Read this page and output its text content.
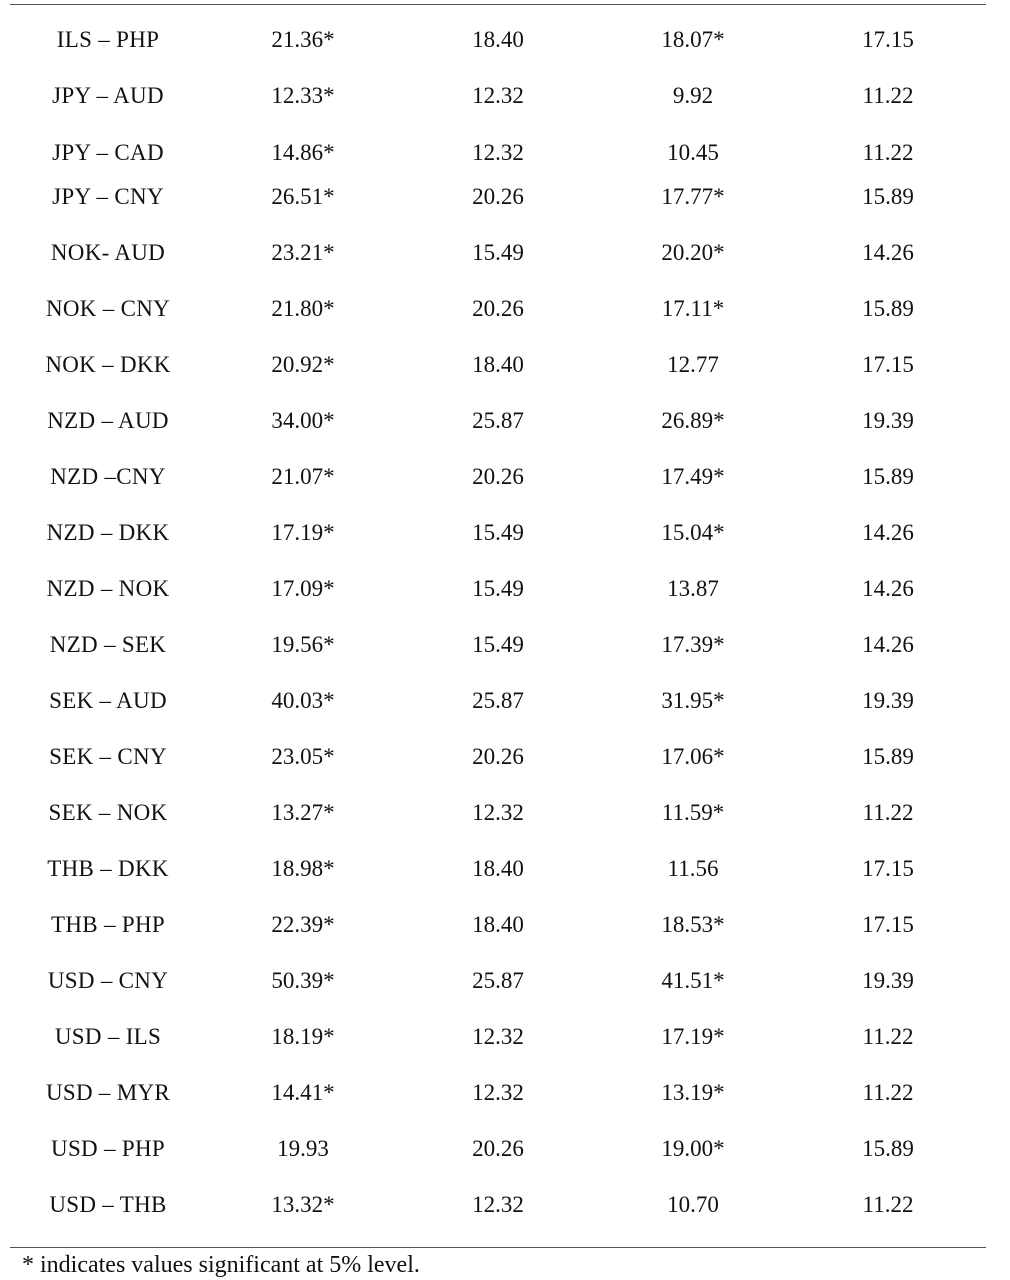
ILS – PHP	21.36*	18.40	18.07*	17.15
JPY – AUD	12.33*	12.32	9.92	11.22
JPY – CAD	14.86*	12.32	10.45	11.22
JPY – CNY	26.51*	20.26	17.77*	15.89
NOK- AUD	23.21*	15.49	20.20*	14.26
NOK – CNY	21.80*	20.26	17.11*	15.89
NOK – DKK	20.92*	18.40	12.77	17.15
NZD – AUD	34.00*	25.87	26.89*	19.39
NZD –CNY	21.07*	20.26	17.49*	15.89
NZD – DKK	17.19*	15.49	15.04*	14.26
NZD – NOK	17.09*	15.49	13.87	14.26
NZD – SEK	19.56*	15.49	17.39*	14.26
SEK – AUD	40.03*	25.87	31.95*	19.39
SEK – CNY	23.05*	20.26	17.06*	15.89
SEK – NOK	13.27*	12.32	11.59*	11.22
THB – DKK	18.98*	18.40	11.56	17.15
THB – PHP	22.39*	18.40	18.53*	17.15
USD – CNY	50.39*	25.87	41.51*	19.39
USD – ILS	18.19*	12.32	17.19*	11.22
USD – MYR	14.41*	12.32	13.19*	11.22
USD – PHP	19.93	20.26	19.00*	15.89
USD – THB	13.32*	12.32	10.70	11.22
* indicates values significant at 5% level.
